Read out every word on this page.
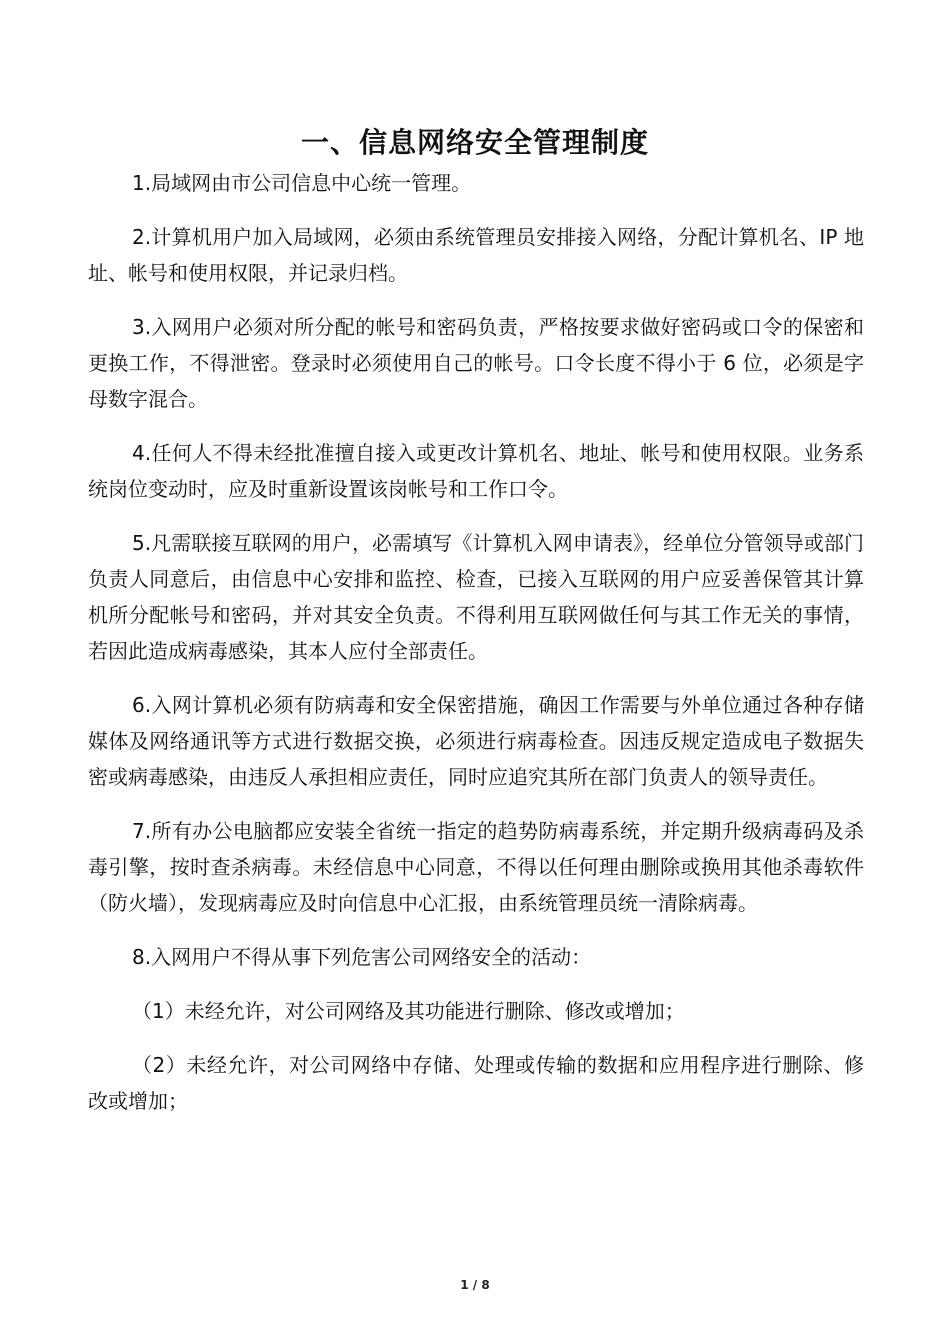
一、信息网络安全管理制度

1.局域网由市公司信息中心统一管理。

2.计算机用户加入局域网，必须由系统管理员安排接入网络，分配计算机名、IP 地址、帐号和使用权限，并记录归档。

3.入网用户必须对所分配的帐号和密码负责，严格按要求做好密码或口令的保密和更换工作，不得泄密。登录时必须使用自己的帐号。口令长度不得小于 6 位，必须是字母数字混合。

4.任何人不得未经批准擅自接入或更改计算机名、地址、帐号和使用权限。业务系统岗位变动时，应及时重新设置该岗帐号和工作口令。

5.凡需联接互联网的用户，必需填写《计算机入网申请表》，经单位分管领导或部门负责人同意后，由信息中心安排和监控、检查，已接入互联网的用户应妥善保管其计算机所分配帐号和密码，并对其安全负责。不得利用互联网做任何与其工作无关的事情，若因此造成病毒感染，其本人应付全部责任。

6.入网计算机必须有防病毒和安全保密措施，确因工作需要与外单位通过各种存储媒体及网络通讯等方式进行数据交换，必须进行病毒检查。因违反规定造成电子数据失密或病毒感染，由违反人承担相应责任，同时应追究其所在部门负责人的领导责任。

7.所有办公电脑都应安装全省统一指定的趋势防病毒系统，并定期升级病毒码及杀毒引擎，按时查杀病毒。未经信息中心同意，不得以任何理由删除或换用其他杀毒软件（防火墙），发现病毒应及时向信息中心汇报，由系统管理员统一清除病毒。

8.入网用户不得从事下列危害公司网络安全的活动：

（1）未经允许，对公司网络及其功能进行删除、修改或增加；

（2）未经允许，对公司网络中存储、处理或传输的数据和应用程序进行删除、修改或增加；

1 / 8
